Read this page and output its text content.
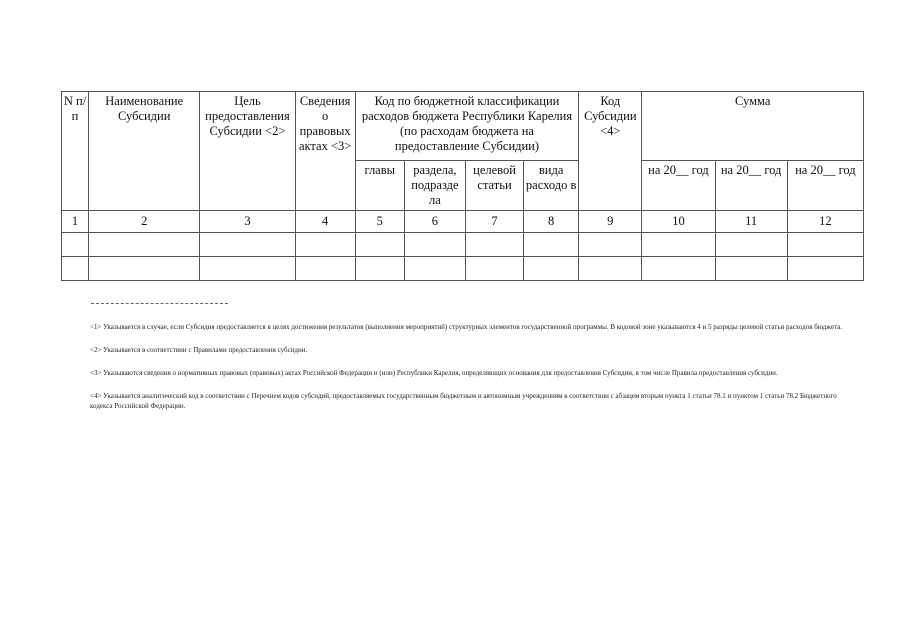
N п/п	Наименование Субсидии	Цель предоставления Субсидии <2>	Сведения о правовых актах <3>	Код по бюджетной классификации расходов бюджета Республики Карелия (по расходам бюджета на предоставление Субсидии)				Код Субсидии <4>	Сумма		
				главы	раздела, подразде ла	целевой статьи	вида расходо в		на 20__ год	на 20__ год	на 20__ год
1	2	3	4	5	6	7	8	9	10	11	12

<1> Указывается в случае, если Субсидия предоставляется в целях достижения результатов (выполнения мероприятий) структурных элементов государственной программы. В кодовой зоне указываются 4 и 5 разряды целевой статьи расходов бюджета.

<2> Указывается в соответствии с Правилами предоставления субсидии.

<3> Указываются сведения о нормативных правовых (правовых) актах Российской Федерации и (или) Республики Карелия, определяющих основания для предоставления Субсидии, в том числе Правила предоставления субсидии.

<4> Указывается аналитический код в соответствии с Перечнем кодов субсидий, предоставляемых государственным бюджетным и автономным учреждениям в соответствии с абзацем вторым пункта 1 статьи 78.1 и пунктом 1 статьи 78.2 Бюджетного кодекса Российской Федерации.
